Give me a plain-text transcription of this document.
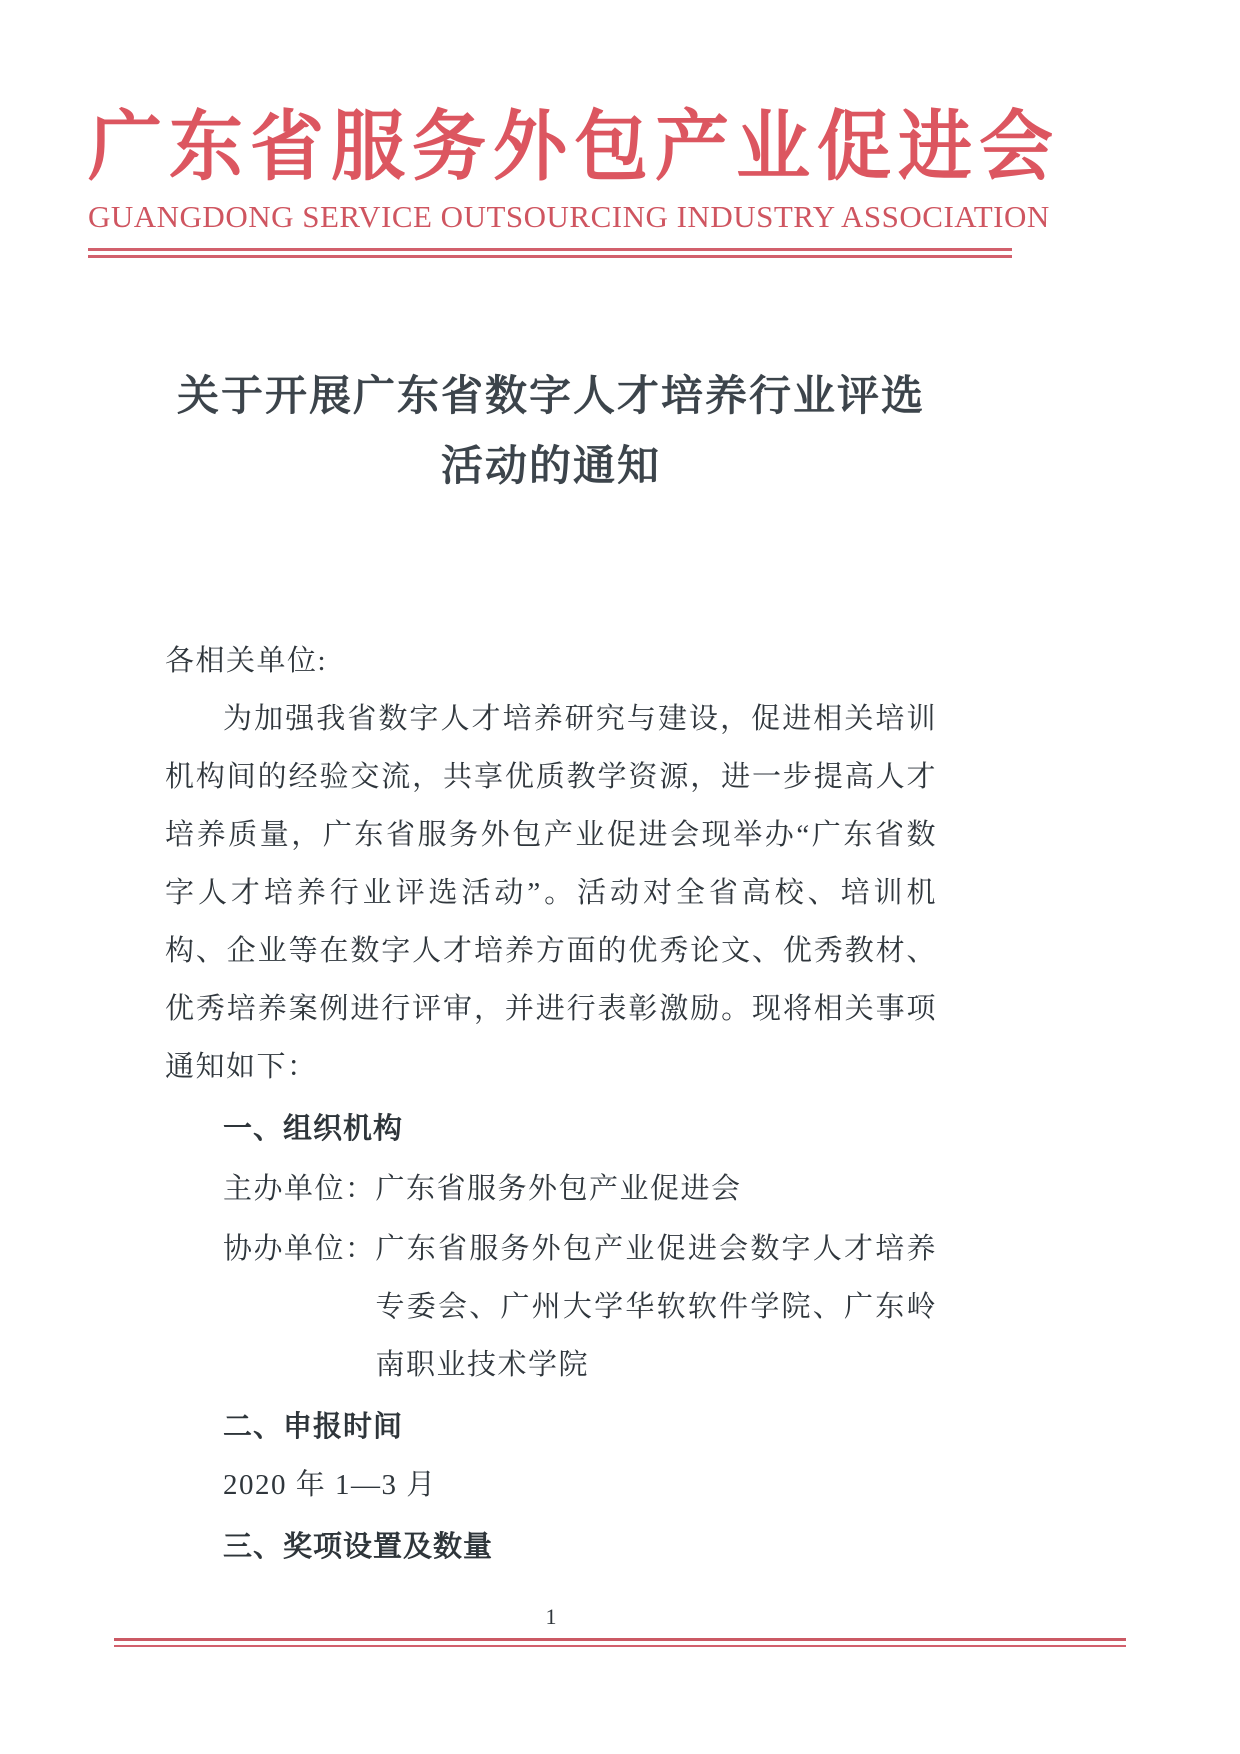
广东省服务外包产业促进会
GUANGDONG SERVICE OUTSOURCING INDUSTRY ASSOCIATION
关于开展广东省数字人才培养行业评选
活动的通知
各相关单位:
为加强我省数字人才培养研究与建设，促进相关培训机构间的经验交流，共享优质教学资源，进一步提高人才培养质量，广东省服务外包产业促进会现举办“广东省数字人才培养行业评选活动”。活动对全省高校、培训机构、企业等在数字人才培养方面的优秀论文、优秀教材、优秀培养案例进行评审，并进行表彰激励。现将相关事项通知如下：
一、组织机构
主办单位： 广东省服务外包产业促进会
协办单位： 广东省服务外包产业促进会数字人才培养专委会、广州大学华软软件学院、广东岭南职业技术学院
二、申报时间
2020 年 1—3 月
三、奖项设置及数量
1
